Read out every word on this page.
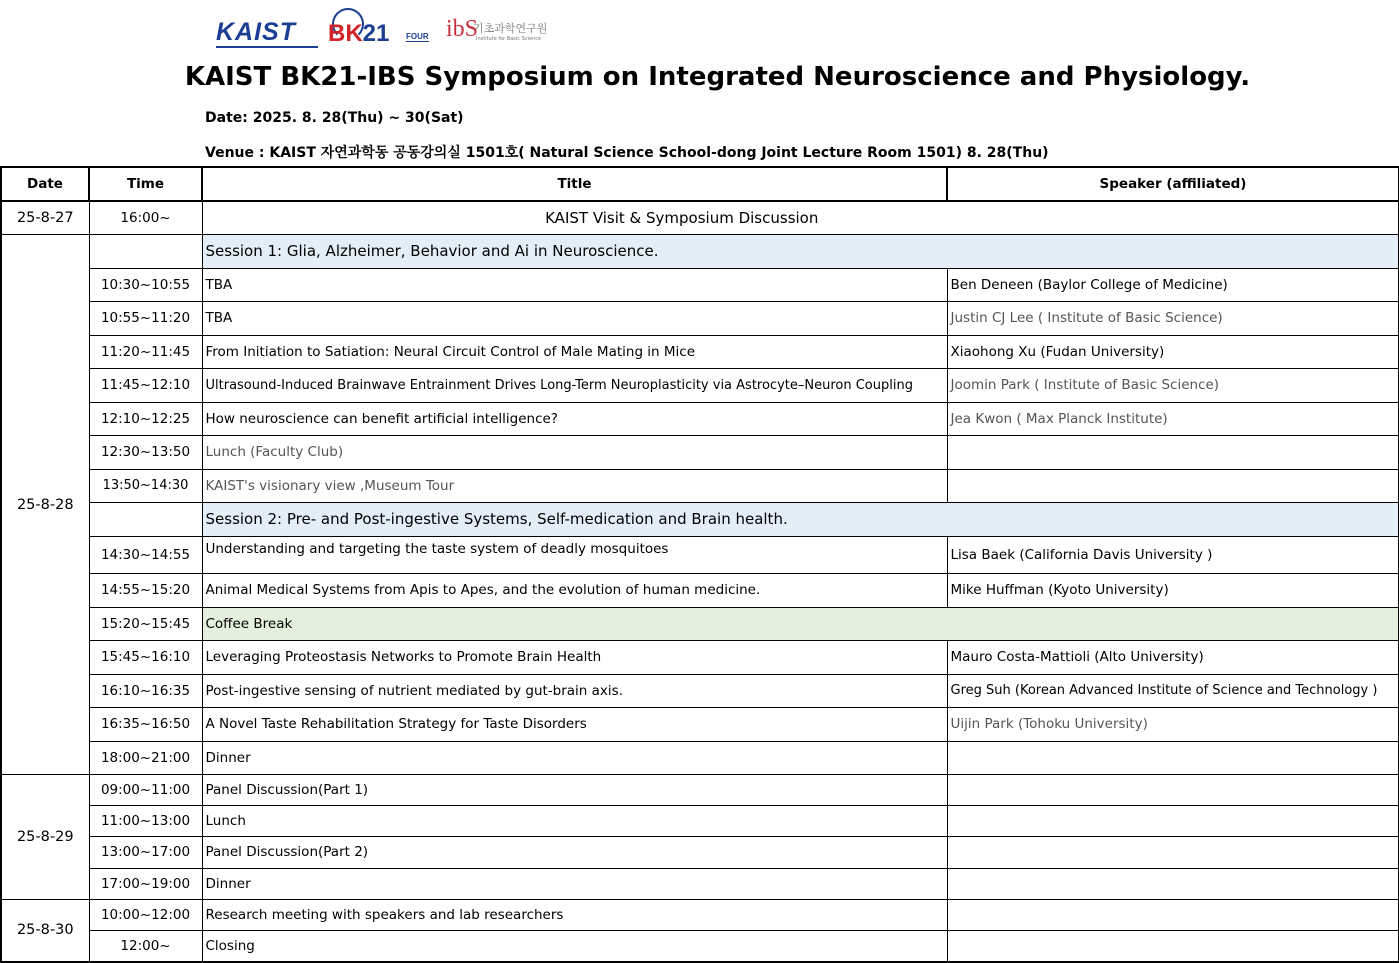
KAIST BK21 FOUR ibS
기초과학연구원
Institute for Basic Science
KAIST BK21-IBS Symposium on Integrated Neuroscience and Physiology.
Date: 2025. 8. 28(Thu) ~ 30(Sat)
Venue : KAIST 자연과학동 공동강의실 1501호( Natural Science School-dong Joint Lecture Room 1501) 8. 28(Thu)
Date	Time	Title	Speaker (affiliated)
25-8-27	16:00~	KAIST Visit & Symposium Discussion	
25-8-28		Session 1: Glia, Alzheimer, Behavior and Ai in Neuroscience.	
	10:30~10:55	TBA	Ben Deneen (Baylor College of Medicine)
	10:55~11:20	TBA	Justin CJ Lee ( Institute of Basic Science)
	11:20~11:45	From Initiation to Satiation: Neural Circuit Control of Male Mating in Mice	Xiaohong Xu (Fudan University)
	11:45~12:10	Ultrasound-Induced Brainwave Entrainment Drives Long-Term Neuroplasticity via Astrocyte–Neuron Coupling	Joomin Park ( Institute of Basic Science)
	12:10~12:25	How neuroscience can benefit artificial intelligence?	Jea Kwon ( Max Planck Institute)
	12:30~13:50	Lunch (Faculty Club)	
	13:50~14:30	KAIST's visionary view ,Museum Tour	
		Session 2: Pre- and Post-ingestive Systems, Self-medication and Brain health.	
	14:30~14:55	Understanding and targeting the taste system of deadly mosquitoes	Lisa Baek (California Davis University )
	14:55~15:20	Animal Medical Systems from Apis to Apes, and the evolution of human medicine.	Mike Huffman (Kyoto University)
	15:20~15:45	Coffee Break	
	15:45~16:10	Leveraging Proteostasis Networks to Promote Brain Health	Mauro Costa-Mattioli (Alto University)
	16:10~16:35	Post-ingestive sensing of nutrient mediated by gut-brain axis.	Greg Suh (Korean Advanced Institute of Science and Technology )
	16:35~16:50	A Novel Taste Rehabilitation Strategy for Taste Disorders	Uijin Park (Tohoku University)
	18:00~21:00	Dinner	
25-8-29	09:00~11:00	Panel Discussion(Part 1)	
	11:00~13:00	Lunch	
	13:00~17:00	Panel Discussion(Part 2)	
	17:00~19:00	Dinner	
25-8-30	10:00~12:00	Research meeting with speakers and lab researchers	
	12:00~	Closing	
